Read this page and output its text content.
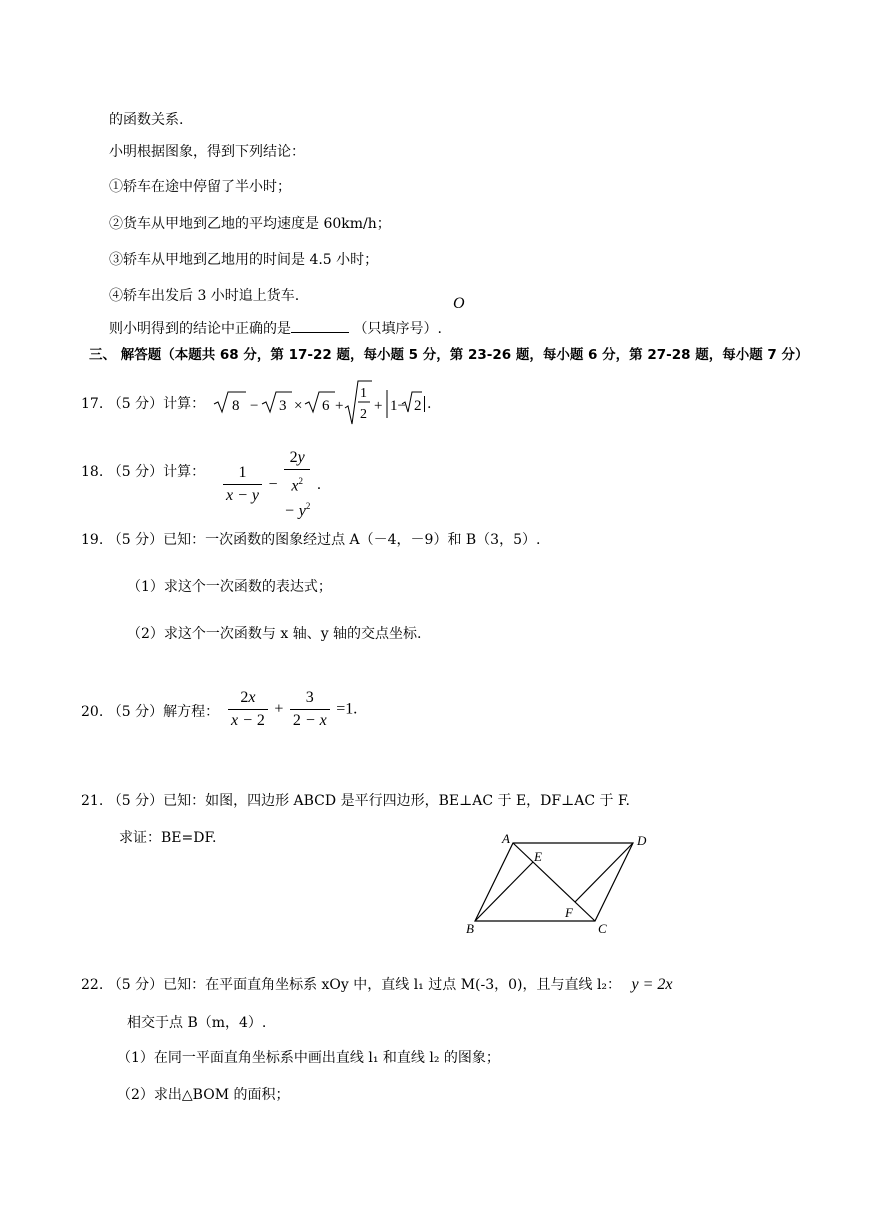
的函数关系.
小明根据图象，得到下列结论：
①轿车在途中停留了半小时；
②货车从甲地到乙地的平均速度是 60km/h；
③轿车从甲地到乙地用的时间是 4.5 小时；
④轿车出发后 3 小时追上货车.	O
则小明得到的结论中正确的是	（只填序号）.
三、 解答题（本题共 68 分，第 17-22 题，每小题 5 分，第 23-26 题，每小题 6 分，第 27-28 题，每小题 7 分）
17. （5 分）计算： 8 − 3 × 6 +
1
2
+ 1− 2 .
18. （5 分）计算： $\frac{1}{x - y}$ −
2y
$x^2$
− $y^2$ .
19. （5 分）已知：一次函数的图象经过点 A（－4，－9）和 B（3，5）.
（1）求这个一次函数的表达式；
（2）求这个一次函数与 x 轴、y 轴的交点坐标.
20. （5 分）解方程： $\frac{2x}{x - 2} + \frac{3}{2 - x} =1$.
21. （5 分）已知：如图，四边形 ABCD 是平行四边形，BE⊥AC 于 E，DF⊥AC 于 F.
求证：BE=DF.	A	D
B	C
E
F
22. （5 分）已知：在平面直角坐标系 xOy 中，直线 l₁ 过点 M(-3，0)，且与直线 l₂： y = 2x
相交于点 B（m，4）.
（1）在同一平面直角坐标系中画出直线 l₁ 和直线 l₂ 的图象；
（2）求出△BOM 的面积；
